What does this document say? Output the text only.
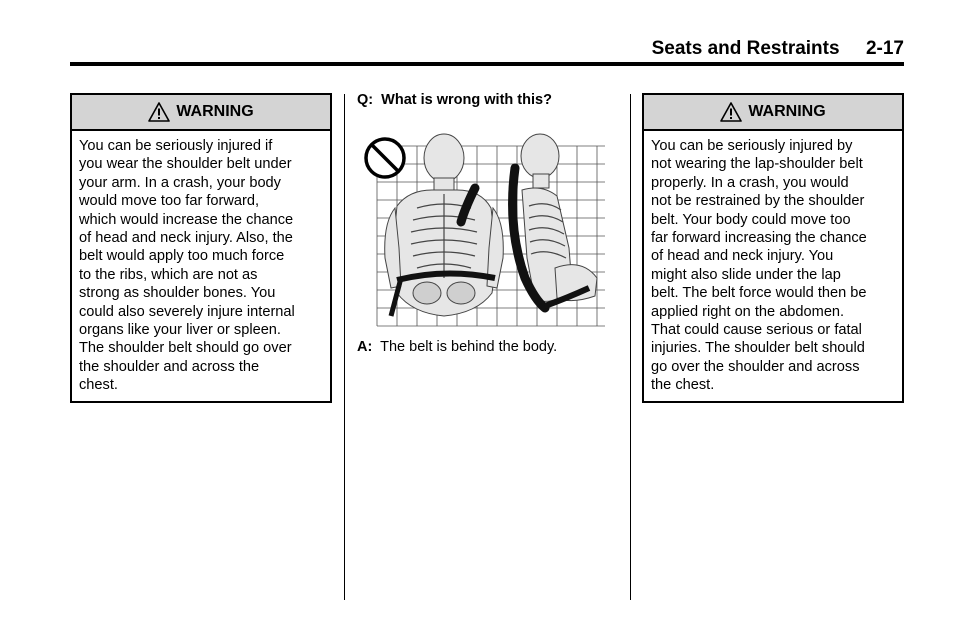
Seats and Restraints 2-17
WARNING
You can be seriously injured if
you wear the shoulder belt under
your arm. In a crash, your body
would move too far forward,
which would increase the chance
of head and neck injury. Also, the
belt would apply too much force
to the ribs, which are not as
strong as shoulder bones. You
could also severely injure internal
organs like your liver or spleen.
The shoulder belt should go over
the shoulder and across the
chest.
Q: What is wrong with this?
A: The belt is behind the body.
WARNING
You can be seriously injured by
not wearing the lap-shoulder belt
properly. In a crash, you would
not be restrained by the shoulder
belt. Your body could move too
far forward increasing the chance
of head and neck injury. You
might also slide under the lap
belt. The belt force would then be
applied right on the abdomen.
That could cause serious or fatal
injuries. The shoulder belt should
go over the shoulder and across
the chest.
